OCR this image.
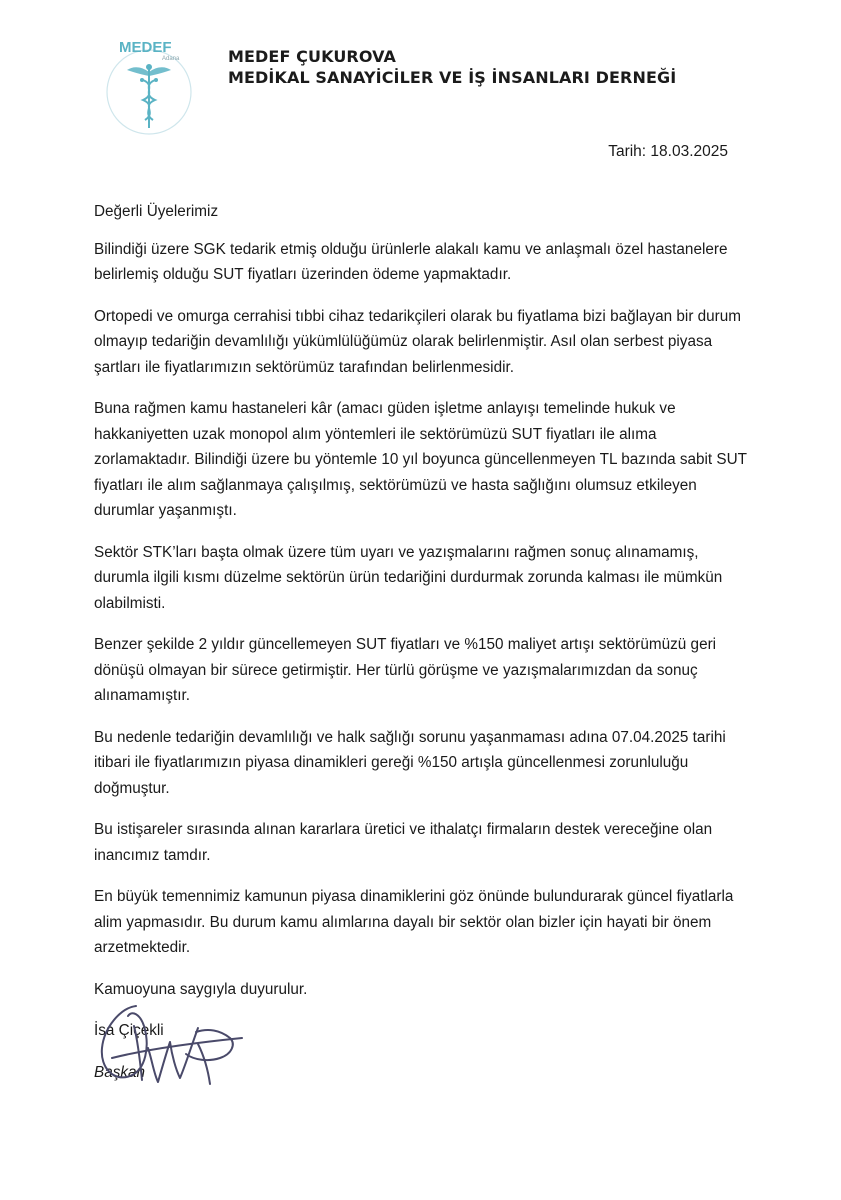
MEDEF
Adana	MEDEF ÇUKUROVA
MEDİKAL SANAYİCİLER VE İŞ İNSANLARI DERNEĞİ
Tarih: 18.03.2025

Değerli Üyelerimiz

Bilindiği üzere SGK tedarik etmiş olduğu ürünlerle alakalı kamu ve anlaşmalı özel hastanelere belirlemiş olduğu SUT fiyatları üzerinden ödeme yapmaktadır.

Ortopedi ve omurga cerrahisi tıbbi cihaz tedarikçileri olarak bu fiyatlama bizi bağlayan bir durum olmayıp tedariğin devamlılığı yükümlülüğümüz olarak belirlenmiştir. Asıl olan serbest piyasa şartları ile fiyatlarımızın sektörümüz tarafından belirlenmesidir.

Buna rağmen kamu hastaneleri kâr (amacı güden işletme anlayışı temelinde hukuk ve hakkaniyetten uzak monopol alım yöntemleri ile sektörümüzü SUT fiyatları ile alıma zorlamaktadır. Bilindiği üzere bu yöntemle 10 yıl boyunca güncellenmeyen TL bazında sabit SUT fiyatları ile alım sağlanmaya çalışılmış, sektörümüzü ve hasta sağlığını olumsuz etkileyen durumlar yaşanmıştı.

Sektör STK’ları başta olmak üzere tüm uyarı ve yazışmalarını rağmen sonuç alınamamış, durumla ilgili kısmı düzelme sektörün ürün tedariğini durdurmak zorunda kalması ile mümkün olabilmisti.

Benzer şekilde 2 yıldır güncellemeyen SUT fiyatları ve %150 maliyet artışı sektörümüzü geri dönüşü olmayan bir sürece getirmiştir. Her türlü görüşme ve yazışmalarımızdan da sonuç alınamamıştır.

Bu nedenle tedariğin devamlılığı ve halk sağlığı sorunu yaşanmaması adına 07.04.2025 tarihi itibari ile fiyatlarımızın piyasa dinamikleri gereği %150 artışla güncellenmesi zorunluluğu doğmuştur.

Bu istişareler sırasında alınan kararlara üretici ve ithalatçı firmaların destek vereceğine olan inancımız tamdır.

En büyük temennimiz kamunun piyasa dinamiklerini göz önünde bulundurarak güncel fiyatlarla alim yapmasıdır. Bu durum kamu alımlarına dayalı bir sektör olan bizler için hayati bir önem arzetmektedir.

Kamuoyuna saygıyla duyurulur.

İsa Çiçekli

Başkan
